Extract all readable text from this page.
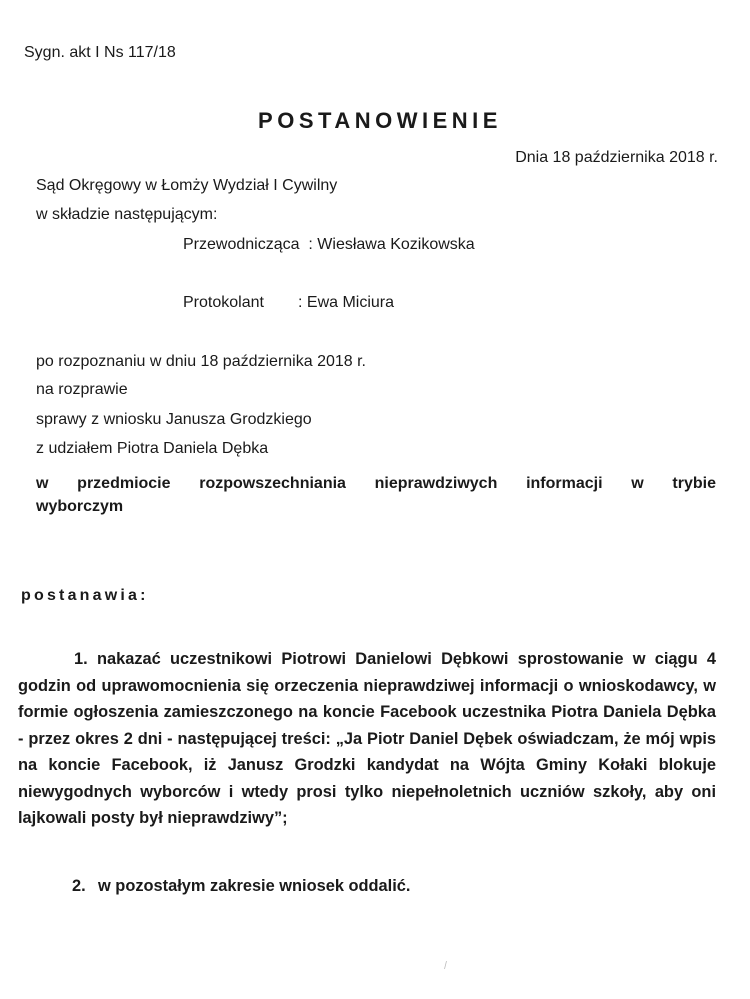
Sygn. akt I Ns 117/18
POSTANOWIENIE
Dnia 18 października 2018 r.
Sąd Okręgowy w Łomży Wydział I Cywilny
w składzie następującym:
Przewodnicząca : Wiesława Kozikowska
Protokolant : Ewa Miciura
po rozpoznaniu w dniu 18 października 2018 r.
na rozprawie
sprawy z wniosku Janusza Grodzkiego
z udziałem Piotra Daniela Dębka
w przedmiocie rozpowszechniania nieprawdziwych informacji w trybie
wyborczym
postanawia:
1. nakazać uczestnikowi Piotrowi Danielowi Dębkowi sprostowanie w ciągu 4 godzin od uprawomocnienia się orzeczenia nieprawdziwej informacji o wnioskodawcy, w formie ogłoszenia zamieszczonego na koncie Facebook uczestnika Piotra Daniela Dębka - przez okres 2 dni - następującej treści: „Ja Piotr Daniel Dębek oświadczam, że mój wpis na koncie Facebook, iż Janusz Grodzki kandydat na Wójta Gminy Kołaki blokuje niewygodnych wyborców i wtedy prosi tylko niepełnoletnich uczniów szkoły, aby oni lajkowali posty był nieprawdziwy”;
2. w pozostałym zakresie wniosek oddalić.
